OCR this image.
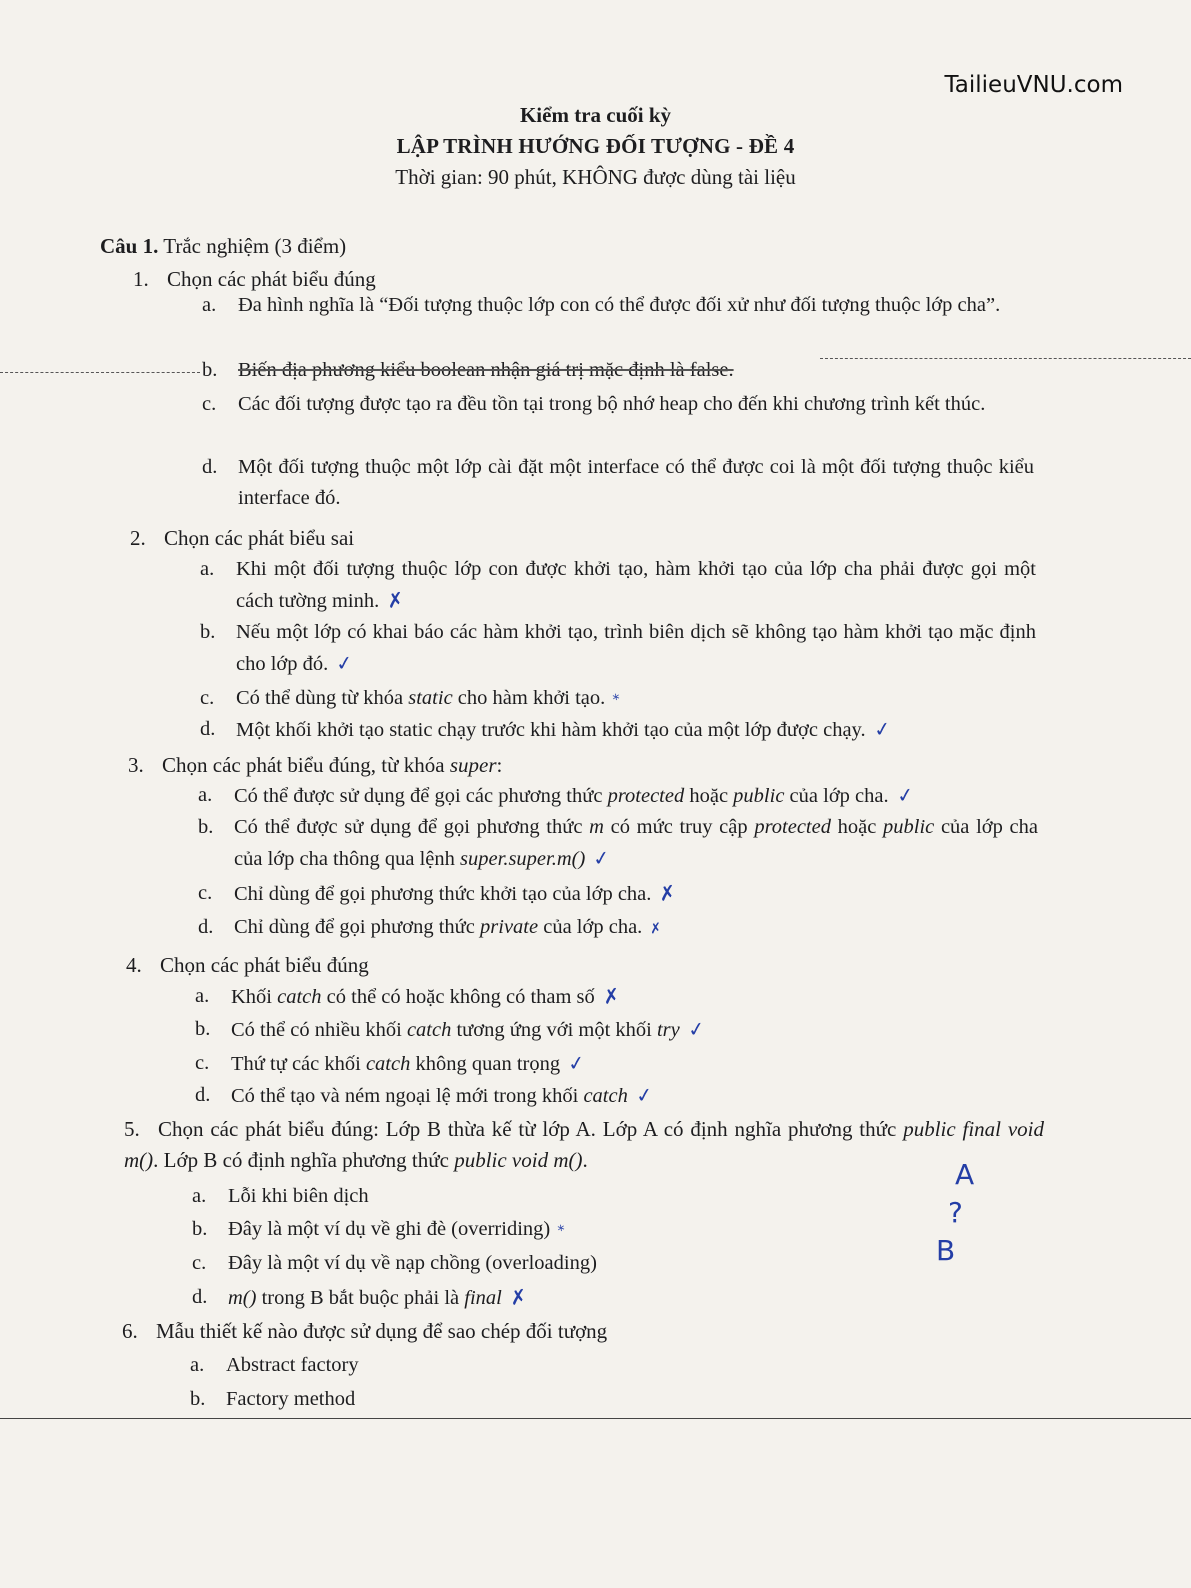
TailieuVNU.com
Kiểm tra cuối kỳ
LẬP TRÌNH HƯỚNG ĐỐI TƯỢNG - ĐỀ 4
Thời gian: 90 phút, KHÔNG được dùng tài liệu
Câu 1. Trắc nghiệm (3 điểm)
1. Chọn các phát biểu đúng
a.	Đa hình nghĩa là “Đối tượng thuộc lớp con có thể được đối xử như đối tượng thuộc lớp cha”.
b.	Biến địa phương kiểu boolean nhận giá trị mặc định là false.
c.	Các đối tượng được tạo ra đều tồn tại trong bộ nhớ heap cho đến khi chương trình kết thúc.
d.	Một đối tượng thuộc một lớp cài đặt một interface có thể được coi là một đối tượng thuộc kiểu interface đó.
2. Chọn các phát biểu sai
a.	Khi một đối tượng thuộc lớp con được khởi tạo, hàm khởi tạo của lớp cha phải được gọi một cách tường minh. ✗
b.	Nếu một lớp có khai báo các hàm khởi tạo, trình biên dịch sẽ không tạo hàm khởi tạo mặc định cho lớp đó. ✓
c.	Có thể dùng từ khóa static cho hàm khởi tạo. *
d.	Một khối khởi tạo static chạy trước khi hàm khởi tạo của một lớp được chạy. ✓
3. Chọn các phát biểu đúng, từ khóa super:
a.	Có thể được sử dụng để gọi các phương thức protected hoặc public của lớp cha. ✓
b.	Có thể được sử dụng để gọi phương thức m có mức truy cập protected hoặc public của lớp cha của lớp cha thông qua lệnh super.super.m() ✓
c.	Chỉ dùng để gọi phương thức khởi tạo của lớp cha. ✗
d.	Chỉ dùng để gọi phương thức private của lớp cha. ✗
4. Chọn các phát biểu đúng
a.	Khối catch có thể có hoặc không có tham số ✗
b.	Có thể có nhiều khối catch tương ứng với một khối try ✓
c.	Thứ tự các khối catch không quan trọng ✓
d.	Có thể tạo và ném ngoại lệ mới trong khối catch ✓
5. Chọn các phát biểu đúng: Lớp B thừa kế từ lớp A. Lớp A có định nghĩa phương thức public final void m(). Lớp B có định nghĩa phương thức public void m().
a.	Lỗi khi biên dịch
b.	Đây là một ví dụ về ghi đè (overriding) *
c.	Đây là một ví dụ về nạp chồng (overloading)
d.	m() trong B bắt buộc phải là final ✗
A
?
B
6. Mẫu thiết kế nào được sử dụng để sao chép đối tượng
a.	Abstract factory
b.	Factory method
